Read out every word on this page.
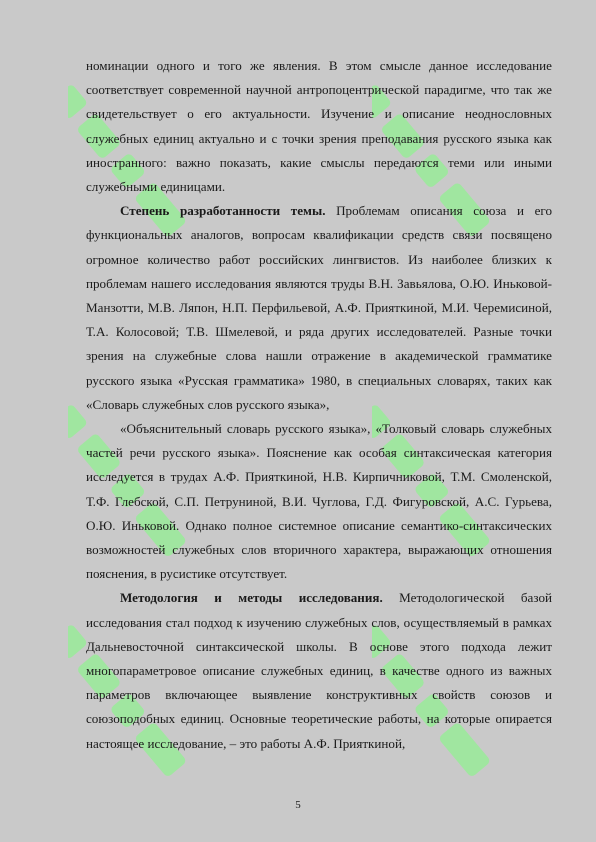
номинации одного и того же явления. В этом смысле данное исследование соответствует современной научной антропоцентрической парадигме, что так же свидетельствует о его актуальности. Изучение и описание неоднословных служебных единиц актуально и с точки зрения преподавания русского языка как иностранного: важно показать, какие смыслы передаются теми или иными служебными единицами.

Степень разработанности темы. Проблемам описания союза и его функциональных аналогов, вопросам квалификации средств связи посвящено огромное количество работ российских лингвистов. Из наиболее близких к проблемам нашего исследования являются труды В.Н. Завьялова, О.Ю. Иньковой-Манзотти, М.В. Ляпон, Н.П. Перфильевой, А.Ф. Прияткиной, М.И. Черемисиной, Т.А. Колосовой; Т.В. Шмелевой, и ряда других исследователей. Разные точки зрения на служебные слова нашли отражение в академической грамматике русского языка «Русская грамматика» 1980, в специальных словарях, таких как «Словарь служебных слов русского языка»,

«Объяснительный словарь русского языка», «Толковый словарь служебных частей речи русского языка». Пояснение как особая синтаксическая категория исследуется в трудах А.Ф. Прияткиной, Н.В. Кирпичниковой, Т.М. Смоленской, Т.Ф. Глебской, С.П. Петруниной, В.И. Чуглова, Г.Д. Фигуровской, А.С. Гурьева, О.Ю. Иньковой. Однако полное системное описание семантико-синтаксических возможностей служебных слов вторичного характера, выражающих отношения пояснения, в русистике отсутствует.

Методология и методы исследования. Методологической базой исследования стал подход к изучению служебных слов, осуществляемый в рамках Дальневосточной синтаксической школы. В основе этого подхода лежит многопараметровое описание служебных единиц, в качестве одного из важных параметров включающее выявление конструктивных свойств союзов и союзоподобных единиц. Основные теоретические работы, на которые опирается настоящее исследование, – это работы А.Ф. Прияткиной,

5
